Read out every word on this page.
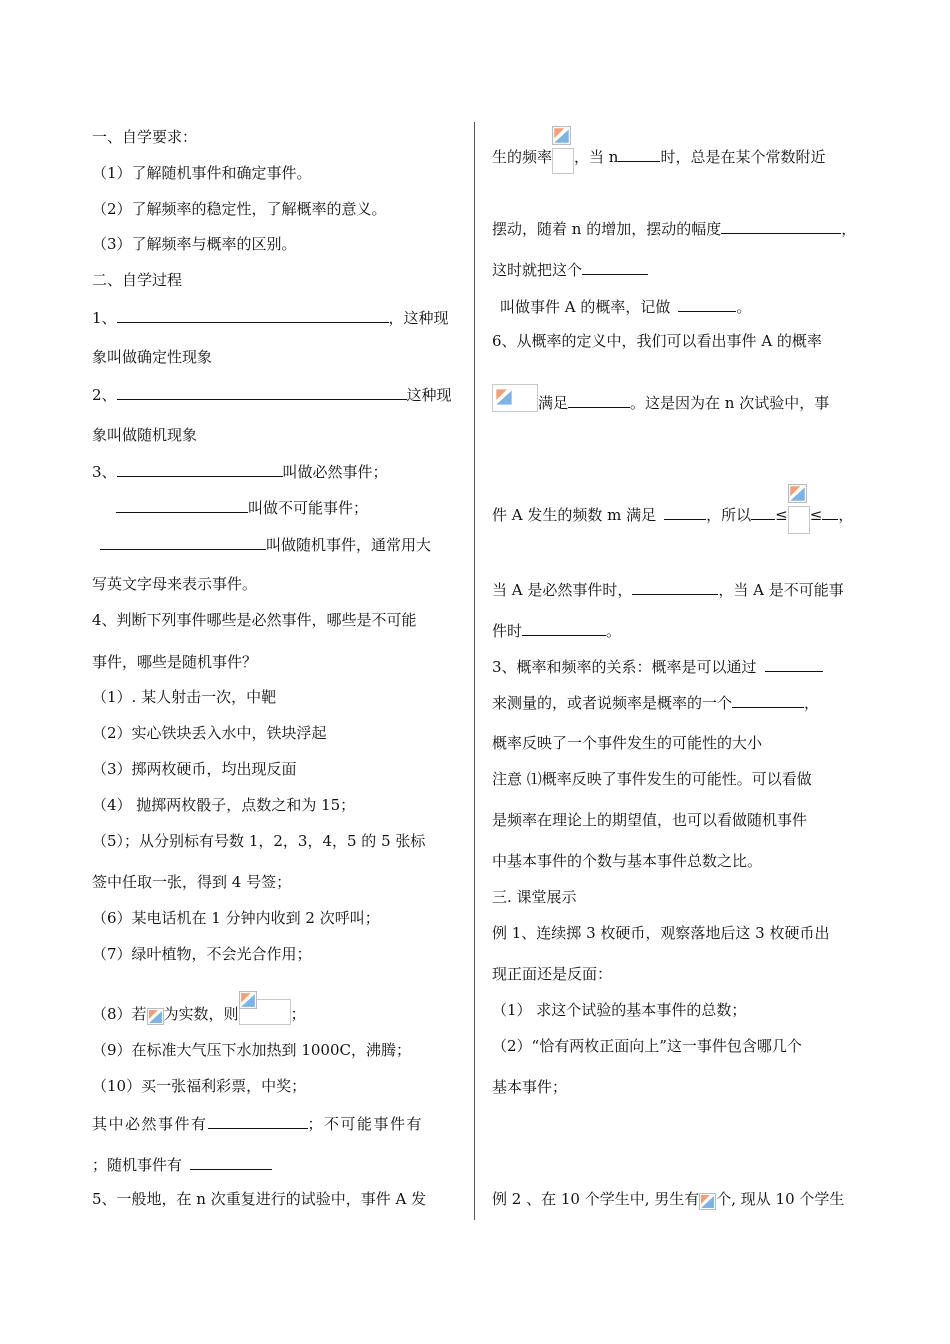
一、自学要求：
（1）了解随机事件和确定事件。
（2）了解频率的稳定性，了解概率的意义。
（3）了解频率与概率的区别。
二、自学过程
1、	，这种现
象叫做确定性现象
2、	这种现
象叫做随机现象
3、	叫做必然事件；
叫做不可能事件；
叫做随机事件，通常用大
写英文字母来表示事件。
4、判断下列事件哪些是必然事件，哪些是不可能
事件，哪些是随机事件？
（1）. 某人射击一次，中靶
（2）实心铁块丢入水中，铁块浮起
（3）掷两枚硬币，均出现反面
（4） 抛掷两枚骰子，点数之和为 15；
（5）；从分别标有号数 1，2，3，4，5 的 5 张标
签中任取一张，得到 4 号签；
（6）某电话机在 1 分钟内收到 2 次呼叫；
（7）绿叶植物，不会光合作用；
（8）若 为实数，则	；
（9）在标准大气压下水加热到 1000C，沸腾；
（10）买一张福利彩票，中奖；
其中必然事件有	；不可能事件有
；随机事件有
5、一般地，在 n 次重复进行的试验中，事件 A 发
生的频率 ，当 n	时，总是在某个常数附近
摆动，随着 n 的增加，摆动的幅度	，
这时就把这个
叫做事件 A 的概率，记做	。
6、从概率的定义中，我们可以看出事件 A 的概率
满足	。这是因为在 n 次试验中，事
件 A 发生的频数 m 满足	，所以 ≤ ≤ ，
当 A 是必然事件时，	，当 A 是不可能事
件时	。
3、概率和频率的关系：概率是可以通过
来测量的，或者说频率是概率的一个	，
概率反映了一个事件发生的可能性的大小
注意 ⑴概率反映了事件发生的可能性。可以看做
是频率在理论上的期望值，也可以看做随机事件
中基本事件的个数与基本事件总数之比。
三. 课堂展示
例 1、连续掷 3 枚硬币，观察落地后这 3 枚硬币出
现正面还是反面：
（1） 求这个试验的基本事件的总数；
（2）“恰有两枚正面向上”这一事件包含哪几个
基本事件；
例 2 、在 10 个学生中, 男生有 个, 现从 10 个学生
